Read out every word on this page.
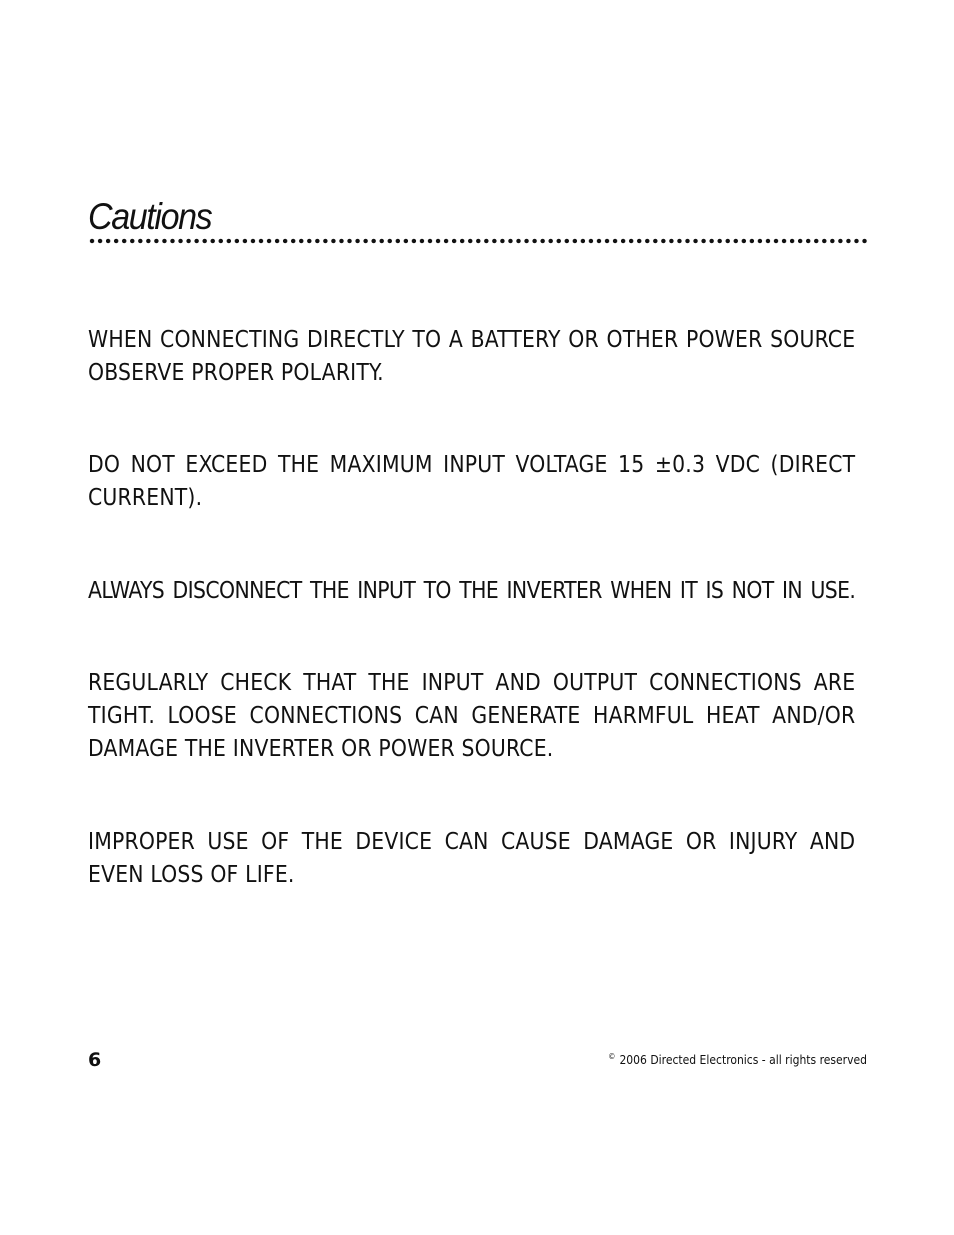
Cautions

WHEN CONNECTING DIRECTLY TO A BATTERY OR OTHER POWER SOURCE OBSERVE PROPER POLARITY.

DO NOT EXCEED THE MAXIMUM INPUT VOLTAGE 15 ±0.3 VDC (DIRECT CURRENT).

ALWAYS DISCONNECT THE INPUT TO THE INVERTER WHEN IT IS NOT IN USE.

REGULARLY CHECK THAT THE INPUT AND OUTPUT CONNECTIONS ARE TIGHT. LOOSE CONNECTIONS CAN GENERATE HARMFUL HEAT AND/OR DAMAGE THE INVERTER OR POWER SOURCE.

IMPROPER USE OF THE DEVICE CAN CAUSE DAMAGE OR INJURY AND EVEN LOSS OF LIFE.

6	© 2006 Directed Electronics - all rights reserved
